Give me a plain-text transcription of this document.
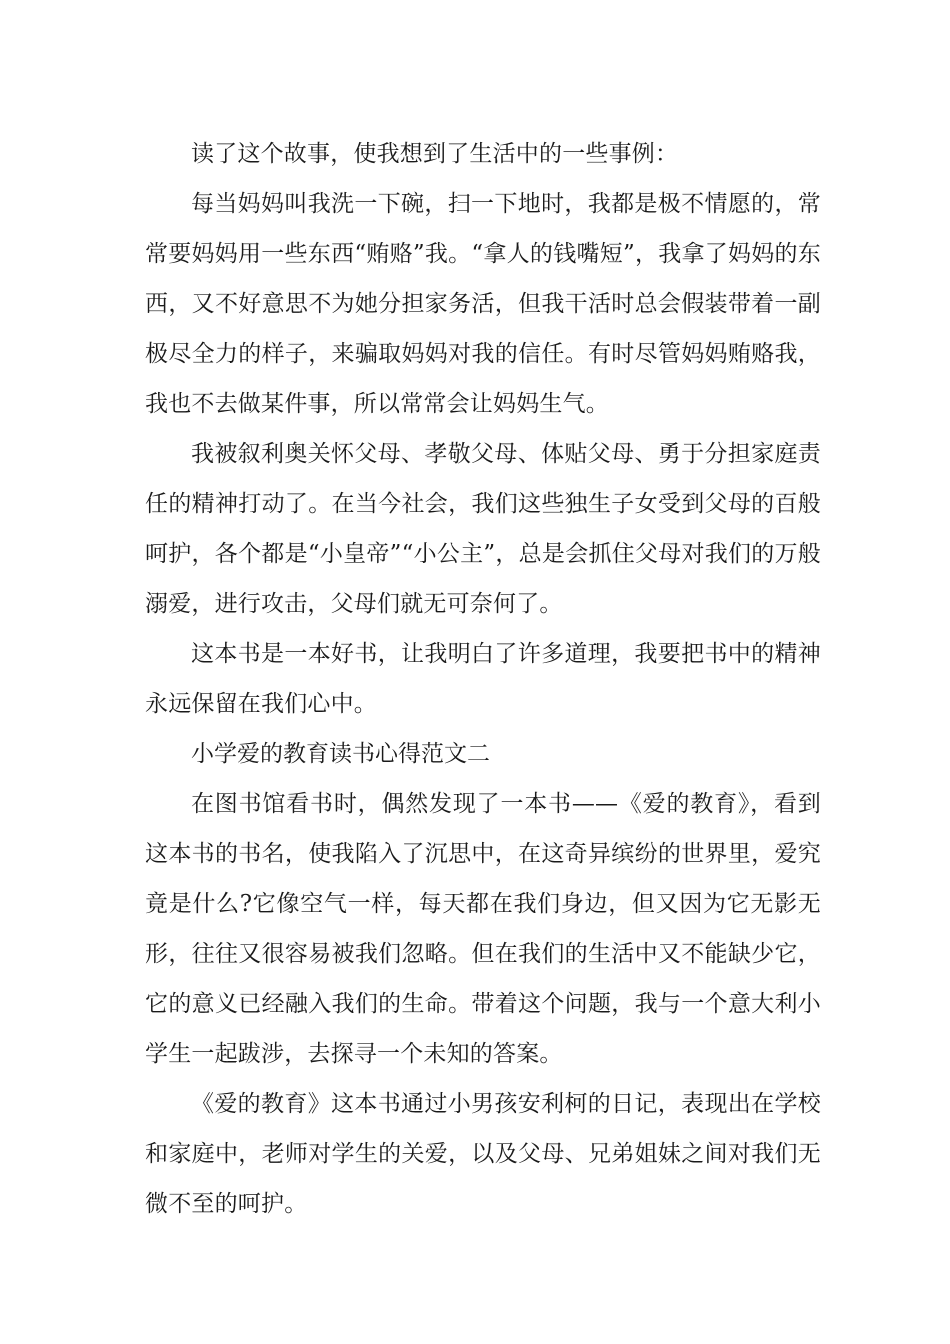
读了这个故事，使我想到了生活中的一些事例：

每当妈妈叫我洗一下碗，扫一下地时，我都是极不情愿的，常常要妈妈用一些东西“贿赂”我。“拿人的钱嘴短”，我拿了妈妈的东西，又不好意思不为她分担家务活，但我干活时总会假装带着一副极尽全力的样子，来骗取妈妈对我的信任。有时尽管妈妈贿赂我，我也不去做某件事，所以常常会让妈妈生气。

我被叙利奥关怀父母、孝敬父母、体贴父母、勇于分担家庭责任的精神打动了。在当今社会，我们这些独生子女受到父母的百般呵护，各个都是“小皇帝”“小公主”，总是会抓住父母对我们的万般溺爱，进行攻击，父母们就无可奈何了。

这本书是一本好书，让我明白了许多道理，我要把书中的精神永远保留在我们心中。

小学爱的教育读书心得范文二

在图书馆看书时，偶然发现了一本书——《爱的教育》，看到这本书的书名，使我陷入了沉思中，在这奇异缤纷的世界里，爱究竟是什么?它像空气一样，每天都在我们身边，但又因为它无影无形，往往又很容易被我们忽略。但在我们的生活中又不能缺少它，它的意义已经融入我们的生命。带着这个问题，我与一个意大利小学生一起跋涉，去探寻一个未知的答案。

《爱的教育》这本书通过小男孩安利柯的日记，表现出在学校和家庭中，老师对学生的关爱，以及父母、兄弟姐妹之间对我们无微不至的呵护。
